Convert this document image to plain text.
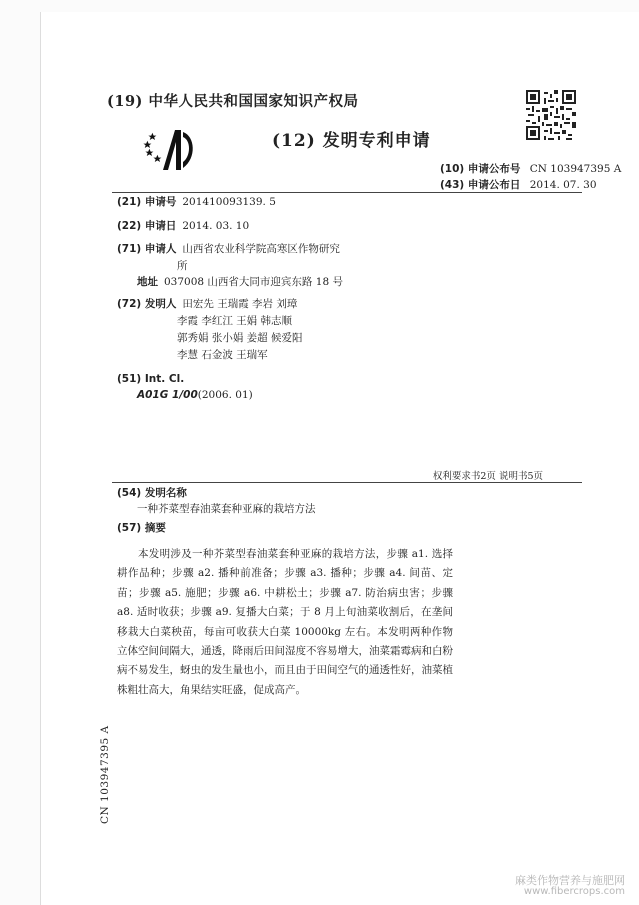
(19) 中华人民共和国国家知识产权局
(12) 发明专利申请
(10) 申请公布号 CN 103947395 A
(43) 申请公布日 2014. 07. 30
(21) 申请号 201410093139. 5
(22) 申请日 2014. 03. 10
(71) 申请人 山西省农业科学院高寒区作物研究
所
地址 037008 山西省大同市迎宾东路 18 号
(72) 发明人 田宏先 王瑞霞 李岩 刘璋
李霞 李红江 王娟 韩志顺
郭秀娟 张小娟 姜超 候爱阳
李慧 石金波 王瑞军
(51) Int. Cl.
A01G 1/00(2006. 01)
权利要求书2页 说明书5页
(54) 发明名称
一种芥菜型春油菜套种亚麻的栽培方法
(57) 摘要

本发明涉及一种芥菜型春油菜套种亚麻的栽培方法，步骤 a1. 选择耕作品种；步骤 a2. 播种前准备；步骤 a3. 播种；步骤 a4. 间苗、定苗；步骤 a5. 施肥；步骤 a6. 中耕松土；步骤 a7. 防治病虫害；步骤 a8. 适时收获；步骤 a9. 复播大白菜；于 8 月上旬油菜收割后，在垄间移栽大白菜秧苗，每亩可收获大白菜 10000kg 左右。本发明两种作物立体空间间隔大，通透，降雨后田间湿度不容易增大，油菜霜霉病和白粉病不易发生，蚜虫的发生量也小，而且由于田间空气的通透性好，油菜植株粗壮高大，角果结实旺盛，促成高产。

CN 103947395 A
麻类作物营养与施肥网
www.fibercrops.com
